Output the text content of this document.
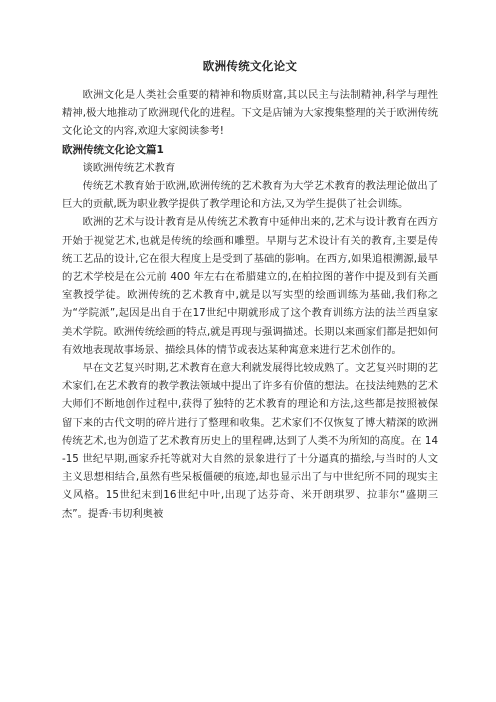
欧洲传统文化论文

欧洲文化是人类社会重要的精神和物质财富,其以民主与法制精神,科学与理性精神,极大地推动了欧洲现代化的进程。下文是店铺为大家搜集整理的关于欧洲传统文化论文的内容,欢迎大家阅读参考!

欧洲传统文化论文篇1

谈欧洲传统艺术教育

传统艺术教育始于欧洲,欧洲传统的艺术教育为大学艺术教育的教法理论做出了巨大的贡献,既为职业教学提供了教学理论和方法,又为学生提供了社会训练。

欧洲的艺术与设计教育是从传统艺术教育中延伸出来的,艺术与设计教育在西方开始于视觉艺术,也就是传统的绘画和雕塑。早期与艺术设计有关的教育,主要是传统工艺品的设计,它在很大程度上是受到了基础的影响。在西方,如果追根溯源,最早的艺术学校是在公元前 400 年左右在希腊建立的,在柏拉图的著作中提及到有关画室教授学徒。欧洲传统的艺术教育中,就是以写实型的绘画训练为基础,我们称之为“学院派”,起因是出自于在17世纪中期就形成了这个教育训练方法的法兰西皇家美术学院。欧洲传统绘画的特点,就是再现与强调描述。长期以来画家们都是把如何有效地表现故事场景、描绘具体的情节或表达某种寓意来进行艺术创作的。

早在文艺复兴时期,艺术教育在意大利就发展得比较成熟了。文艺复兴时期的艺术家们,在艺术教育的教学教法领域中提出了许多有价值的想法。在技法纯熟的艺术大师们不断地创作过程中,获得了独特的艺术教育的理论和方法,这些都是按照被保留下来的古代文明的碎片进行了整理和收集。艺术家们不仅恢复了博大精深的欧洲传统艺术,也为创造了艺术教育历史上的里程碑,达到了人类不为所知的高度。在 14-15 世纪早期,画家乔托等就对大自然的景象进行了十分逼真的描绘,与当时的人文主义思想相结合,虽然有些呆板僵硬的痕迹,却也显示出了与中世纪所不同的现实主义风格。15世纪末到16世纪中叶,出现了达芬奇、米开朗琪罗、拉菲尔“盛期三杰”。提香·韦切利奥被
